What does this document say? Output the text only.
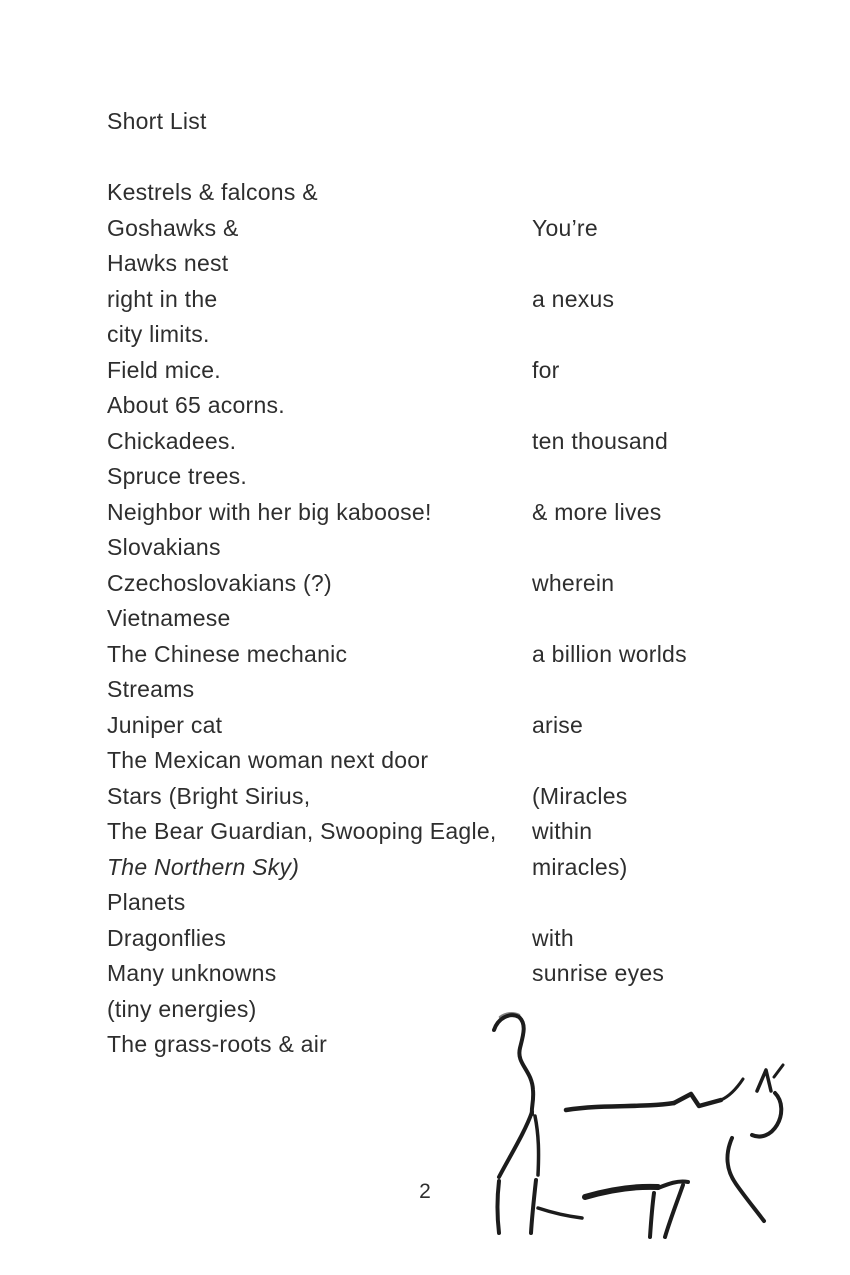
Short List
Kestrels & falcons &
Goshawks &	You’re
Hawks nest
right in the	a nexus
city limits.
Field mice.	for
About 65 acorns.
Chickadees.	ten thousand
Spruce trees.
Neighbor with her big kaboose!	& more lives
Slovakians
Czechoslovakians (?)	wherein
Vietnamese
The Chinese mechanic	a billion worlds
Streams
Juniper cat	arise
The Mexican woman next door
Stars (Bright Sirius,	(Miracles
The Bear Guardian, Swooping Eagle,	within
The Northern Sky)	miracles)
Planets
Dragonflies	with
Many unknowns	sunrise eyes
(tiny energies)
The grass-roots & air
2
